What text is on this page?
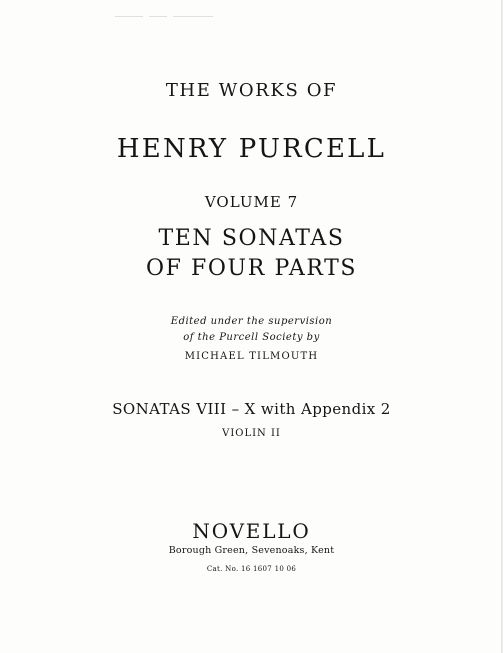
THE WORKS OF

HENRY PURCELL

VOLUME 7

TEN SONATAS

OF FOUR PARTS

Edited under the supervision

of the Purcell Society by

MICHAEL TILMOUTH

SONATAS VIII – X with Appendix 2

VIOLIN II

NOVELLO

Borough Green, Sevenoaks, Kent

Cat. No. 16 1607 10 06
